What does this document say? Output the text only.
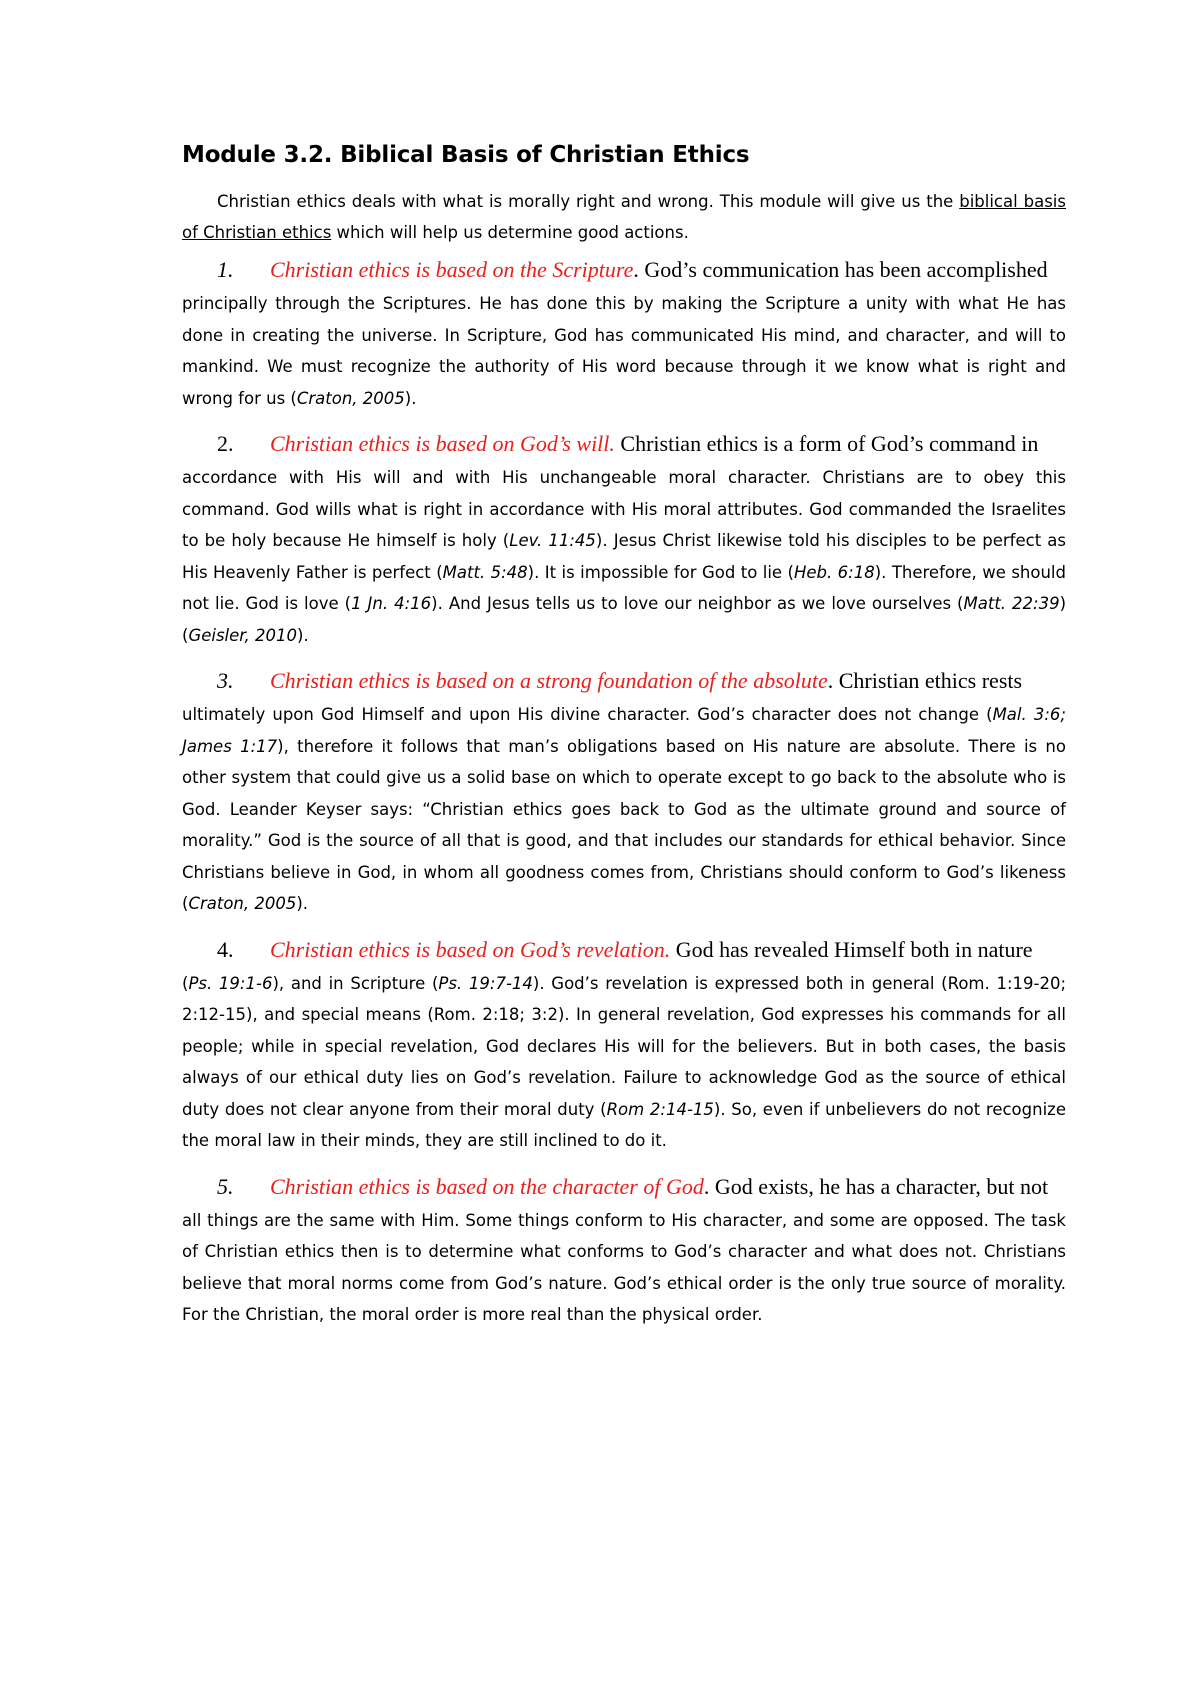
Module 3.2. Biblical Basis of Christian Ethics

Christian ethics deals with what is morally right and wrong. This module will give us the biblical basis of Christian ethics which will help us determine good actions.

1.	Christian ethics is based on the Scripture. God’s communication has been accomplished

principally through the Scriptures. He has done this by making the Scripture a unity with what He has done in creating the universe. In Scripture, God has communicated His mind, and character, and will to mankind. We must recognize the authority of His word because through it we know what is right and wrong for us (Craton, 2005).

2.	Christian ethics is based on God’s will. Christian ethics is a form of God’s command in

accordance with His will and with His unchangeable moral character. Christians are to obey this command. God wills what is right in accordance with His moral attributes. God commanded the Israelites to be holy because He himself is holy (Lev. 11:45). Jesus Christ likewise told his disciples to be perfect as His Heavenly Father is perfect (Matt. 5:48). It is impossible for God to lie (Heb. 6:18). Therefore, we should not lie. God is love (1 Jn. 4:16). And Jesus tells us to love our neighbor as we love ourselves (Matt. 22:39) (Geisler, 2010).

3.	Christian ethics is based on a strong foundation of the absolute. Christian ethics rests

ultimately upon God Himself and upon His divine character. God’s character does not change (Mal. 3:6; James 1:17), therefore it follows that man’s obligations based on His nature are absolute. There is no other system that could give us a solid base on which to operate except to go back to the absolute who is God. Leander Keyser says: “Christian ethics goes back to God as the ultimate ground and source of morality.” God is the source of all that is good, and that includes our standards for ethical behavior. Since Christians believe in God, in whom all goodness comes from, Christians should conform to God’s likeness (Craton, 2005).

4.	Christian ethics is based on God’s revelation. God has revealed Himself both in nature

(Ps. 19:1-6), and in Scripture (Ps. 19:7-14). God’s revelation is expressed both in general (Rom. 1:19-20; 2:12-15), and special means (Rom. 2:18; 3:2). In general revelation, God expresses his commands for all people; while in special revelation, God declares His will for the believers. But in both cases, the basis always of our ethical duty lies on God’s revelation. Failure to acknowledge God as the source of ethical duty does not clear anyone from their moral duty (Rom 2:14-15). So, even if unbelievers do not recognize the moral law in their minds, they are still inclined to do it.

5.	Christian ethics is based on the character of God. God exists, he has a character, but not

all things are the same with Him. Some things conform to His character, and some are opposed. The task of Christian ethics then is to determine what conforms to God’s character and what does not. Christians believe that moral norms come from God’s nature. God’s ethical order is the only true source of morality. For the Christian, the moral order is more real than the physical order.
